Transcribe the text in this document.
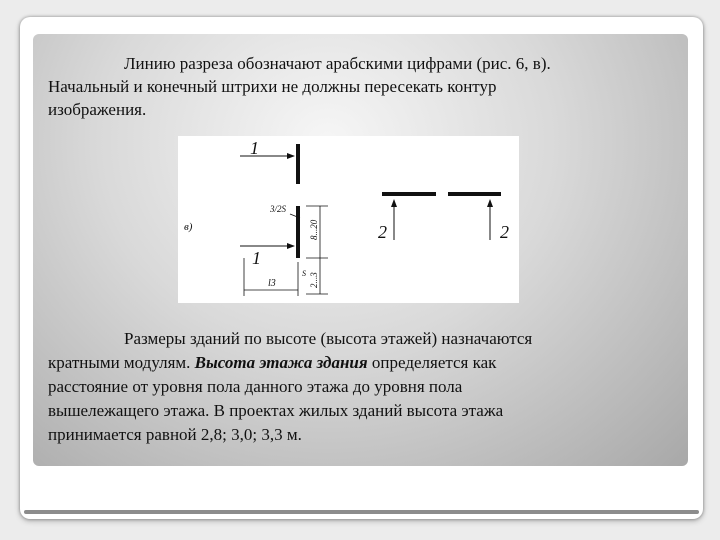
Линию разреза обозначают арабскими цифрами (рис. 6, в).
Начальный и конечный штрихи не должны пересекать контур
изображения.

в)
1
1
3/2S
8...20
2...3
l3
S
2	2

Размеры зданий по высоте (высота этажей) назначаются
кратными модулям. Высота этажа здания определяется как
расстояние от уровня пола данного этажа до уровня пола
вышележащего этажа. В проектах жилых зданий высота этажа
принимается равной 2,8; 3,0; 3,3 м.
